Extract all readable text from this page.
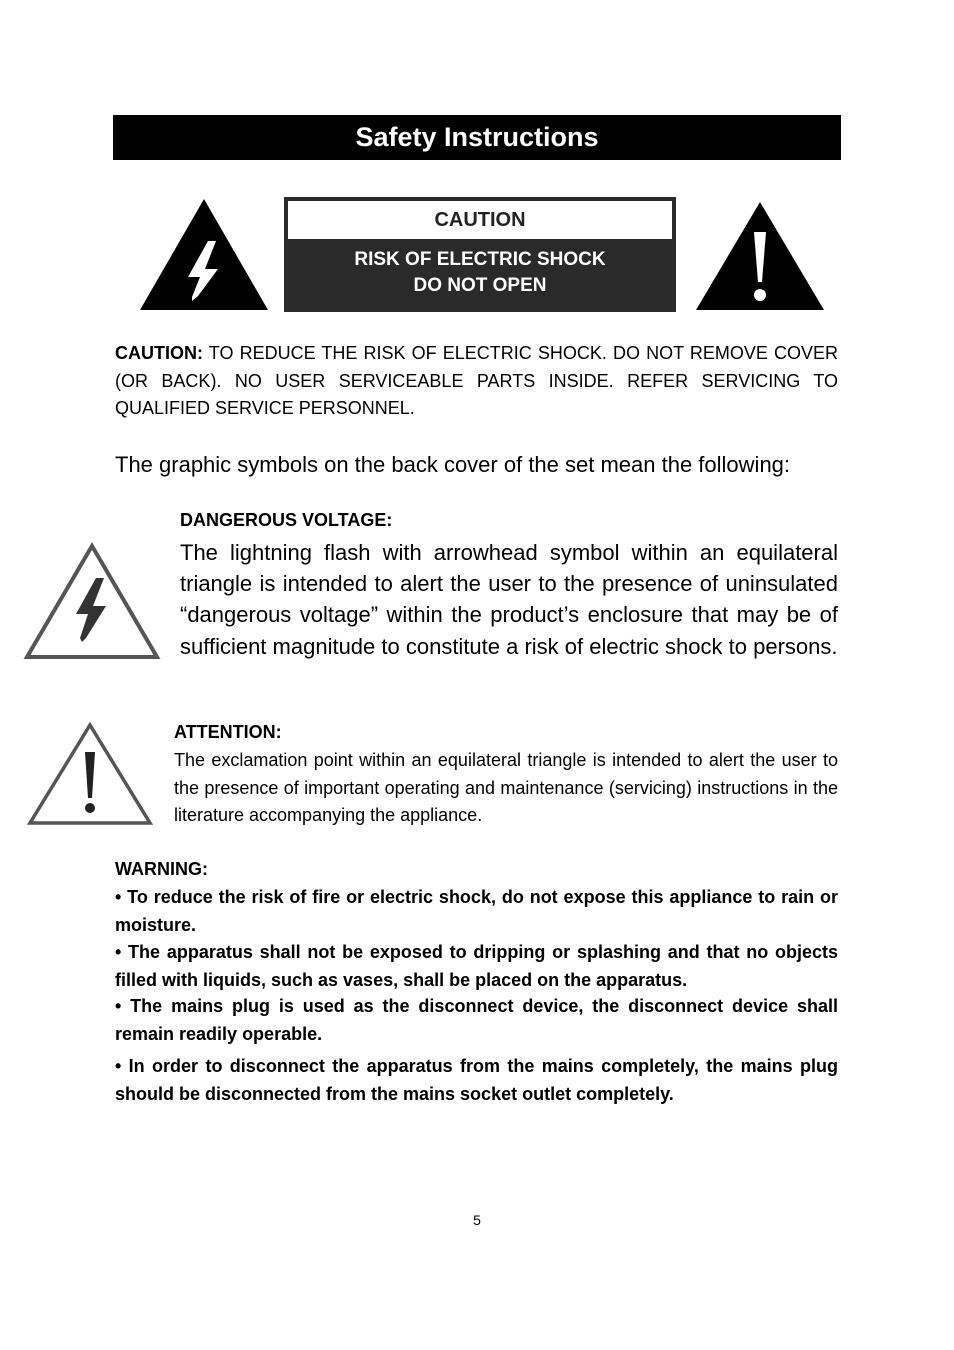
Safety Instructions
CAUTION
RISK OF ELECTRIC SHOCK
DO NOT OPEN
CAUTION: TO REDUCE THE RISK OF ELECTRIC SHOCK. DO NOT REMOVE COVER (OR BACK). NO USER SERVICEABLE PARTS INSIDE. REFER SERVICING TO QUALIFIED SERVICE PERSONNEL.
The graphic symbols on the back cover of the set mean the following:
DANGEROUS VOLTAGE:
The lightning flash with arrowhead symbol within an equilateral triangle is intended to alert the user to the presence of uninsulated “dangerous voltage” within the product’s enclosure that may be of sufficient magnitude to constitute a risk of electric shock to persons.
ATTENTION:
The exclamation point within an equilateral triangle is intended to alert the user to the presence of important operating and maintenance (servicing) instructions in the literature accompanying the appliance.
WARNING:
• To reduce the risk of fire or electric shock, do not expose this appliance to rain or moisture.
• The apparatus shall not be exposed to dripping or splashing and that no objects filled with liquids, such as vases, shall be placed on the apparatus.
• The mains plug is used as the disconnect device, the disconnect device shall remain readily operable.
• In order to disconnect the apparatus from the mains completely, the mains plug should be disconnected from the mains socket outlet completely.
5
